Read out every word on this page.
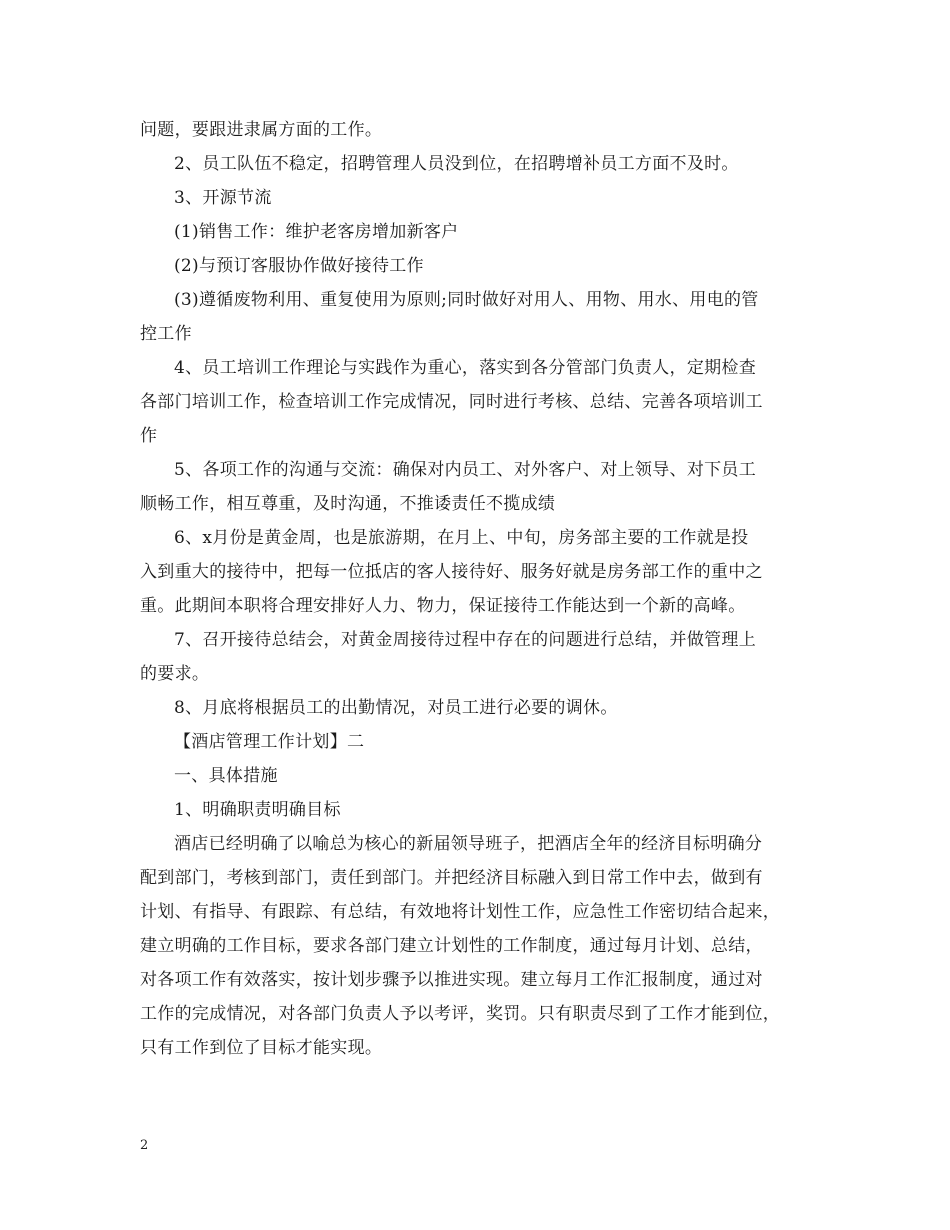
问题，要跟进隶属方面的工作。
2、员工队伍不稳定，招聘管理人员没到位，在招聘增补员工方面不及时。
3、开源节流
(1)销售工作：维护老客房增加新客户
(2)与预订客服协作做好接待工作
(3)遵循废物利用、重复使用为原则;同时做好对用人、用物、用水、用电的管
控工作
4、员工培训工作理论与实践作为重心，落实到各分管部门负责人，定期检查
各部门培训工作，检查培训工作完成情况，同时进行考核、总结、完善各项培训工
作
5、各项工作的沟通与交流：确保对内员工、对外客户、对上领导、对下员工
顺畅工作，相互尊重，及时沟通，不推诿责任不揽成绩
6、x月份是黄金周，也是旅游期，在月上、中旬，房务部主要的工作就是投
入到重大的接待中，把每一位抵店的客人接待好、服务好就是房务部工作的重中之
重。此期间本职将合理安排好人力、物力，保证接待工作能达到一个新的高峰。
7、召开接待总结会，对黄金周接待过程中存在的问题进行总结，并做管理上
的要求。
8、月底将根据员工的出勤情况，对员工进行必要的调休。
【酒店管理工作计划】二
一、具体措施
1、明确职责明确目标
酒店已经明确了以喻总为核心的新届领导班子，把酒店全年的经济目标明确分
配到部门，考核到部门，责任到部门。并把经济目标融入到日常工作中去，做到有
计划、有指导、有跟踪、有总结，有效地将计划性工作，应急性工作密切结合起来，
建立明确的工作目标，要求各部门建立计划性的工作制度，通过每月计划、总结，
对各项工作有效落实，按计划步骤予以推进实现。建立每月工作汇报制度，通过对
工作的完成情况，对各部门负责人予以考评，奖罚。只有职责尽到了工作才能到位，
只有工作到位了目标才能实现。
2
